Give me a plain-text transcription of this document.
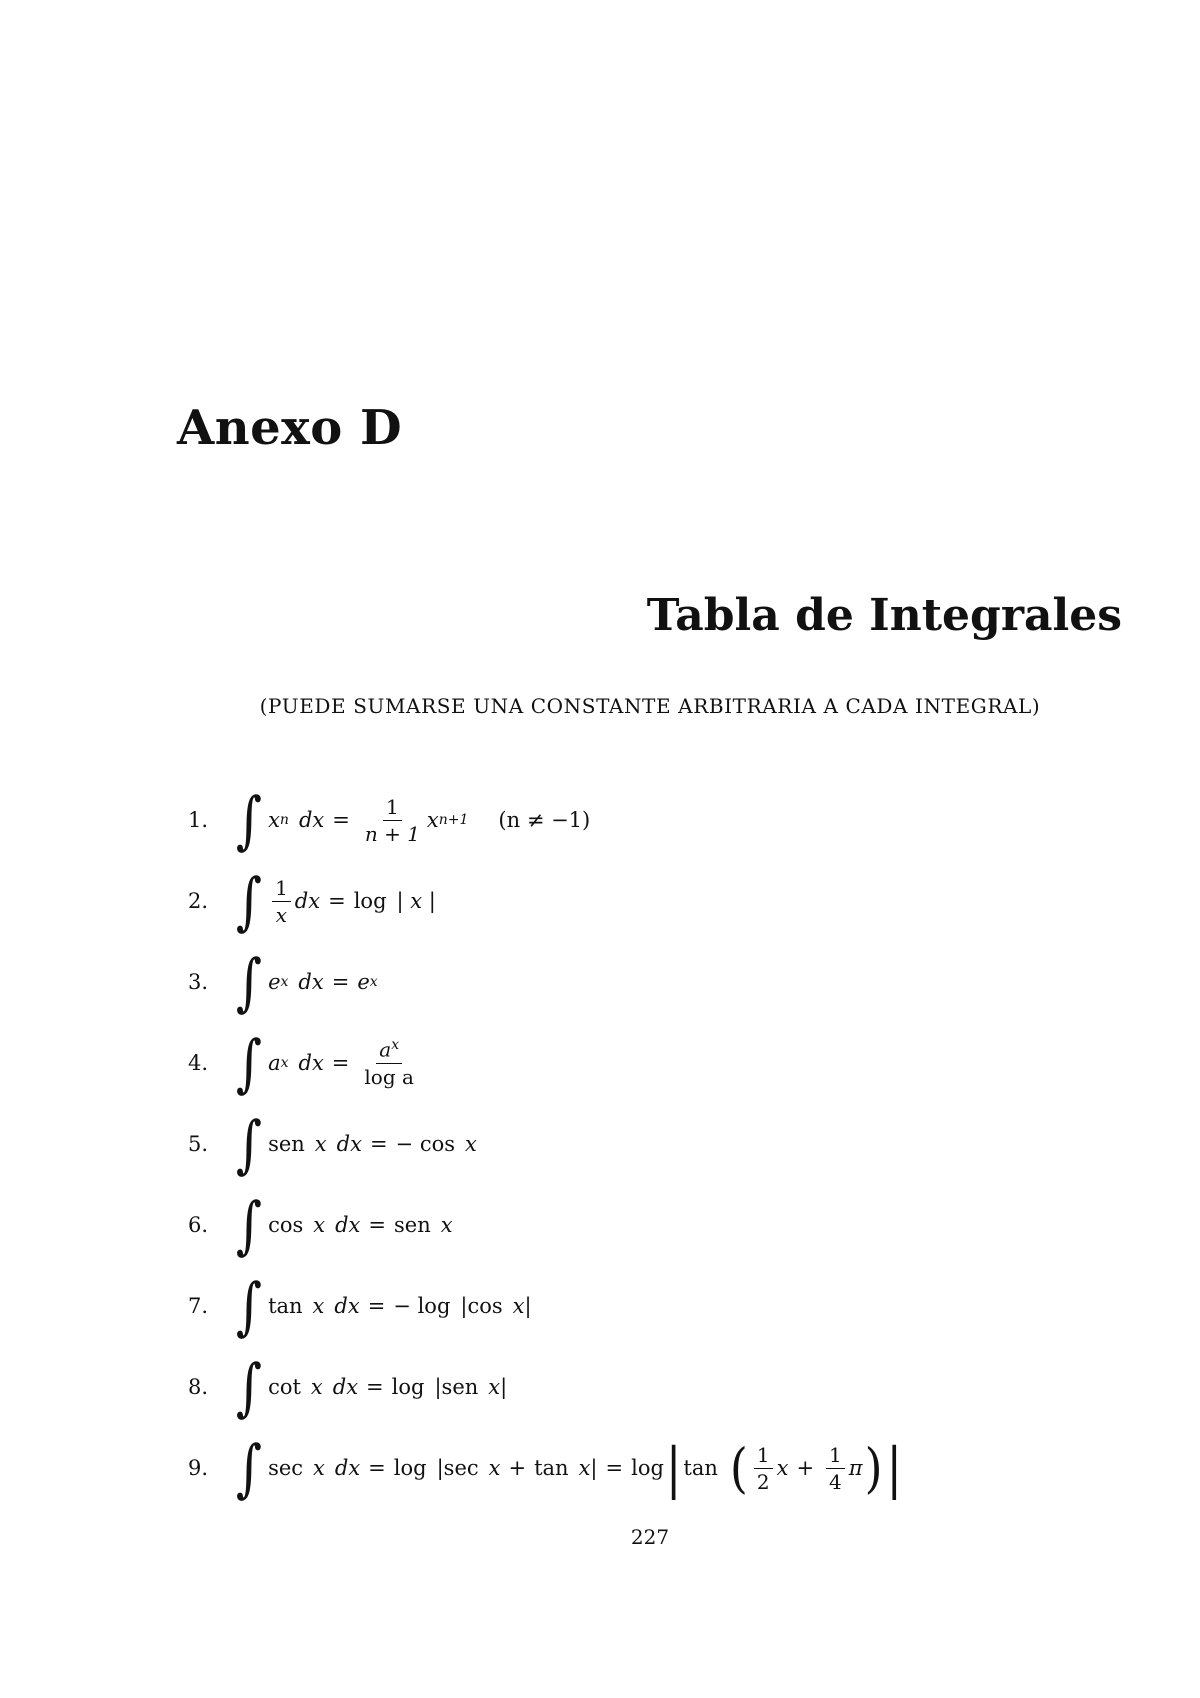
Anexo D
Tabla de Integrales
(PUEDE SUMARSE UNA CONSTANTE ARBITRARIA A CADA INTEGRAL)
1. ∫ x n dx = $\frac{1}{n + 1}$ x n+1 (n ≠ −1)
2. ∫ $\frac{1}{x}$ dx = log | x |
3. ∫ e x dx = e x
4. ∫ a x dx = $\frac{a^x}{\text{log a}}$
5. ∫ sen x dx = − cos x
6. ∫ cos x dx = sen x
7. ∫ tan x dx = − log | cos x |
8. ∫ cot x dx = log | sen x |
9. ∫ sec x dx = log | sec x + tan x | = log | tan ( $\frac{1}{2}$ $x + \frac{1}{4}$ π ) |
227
